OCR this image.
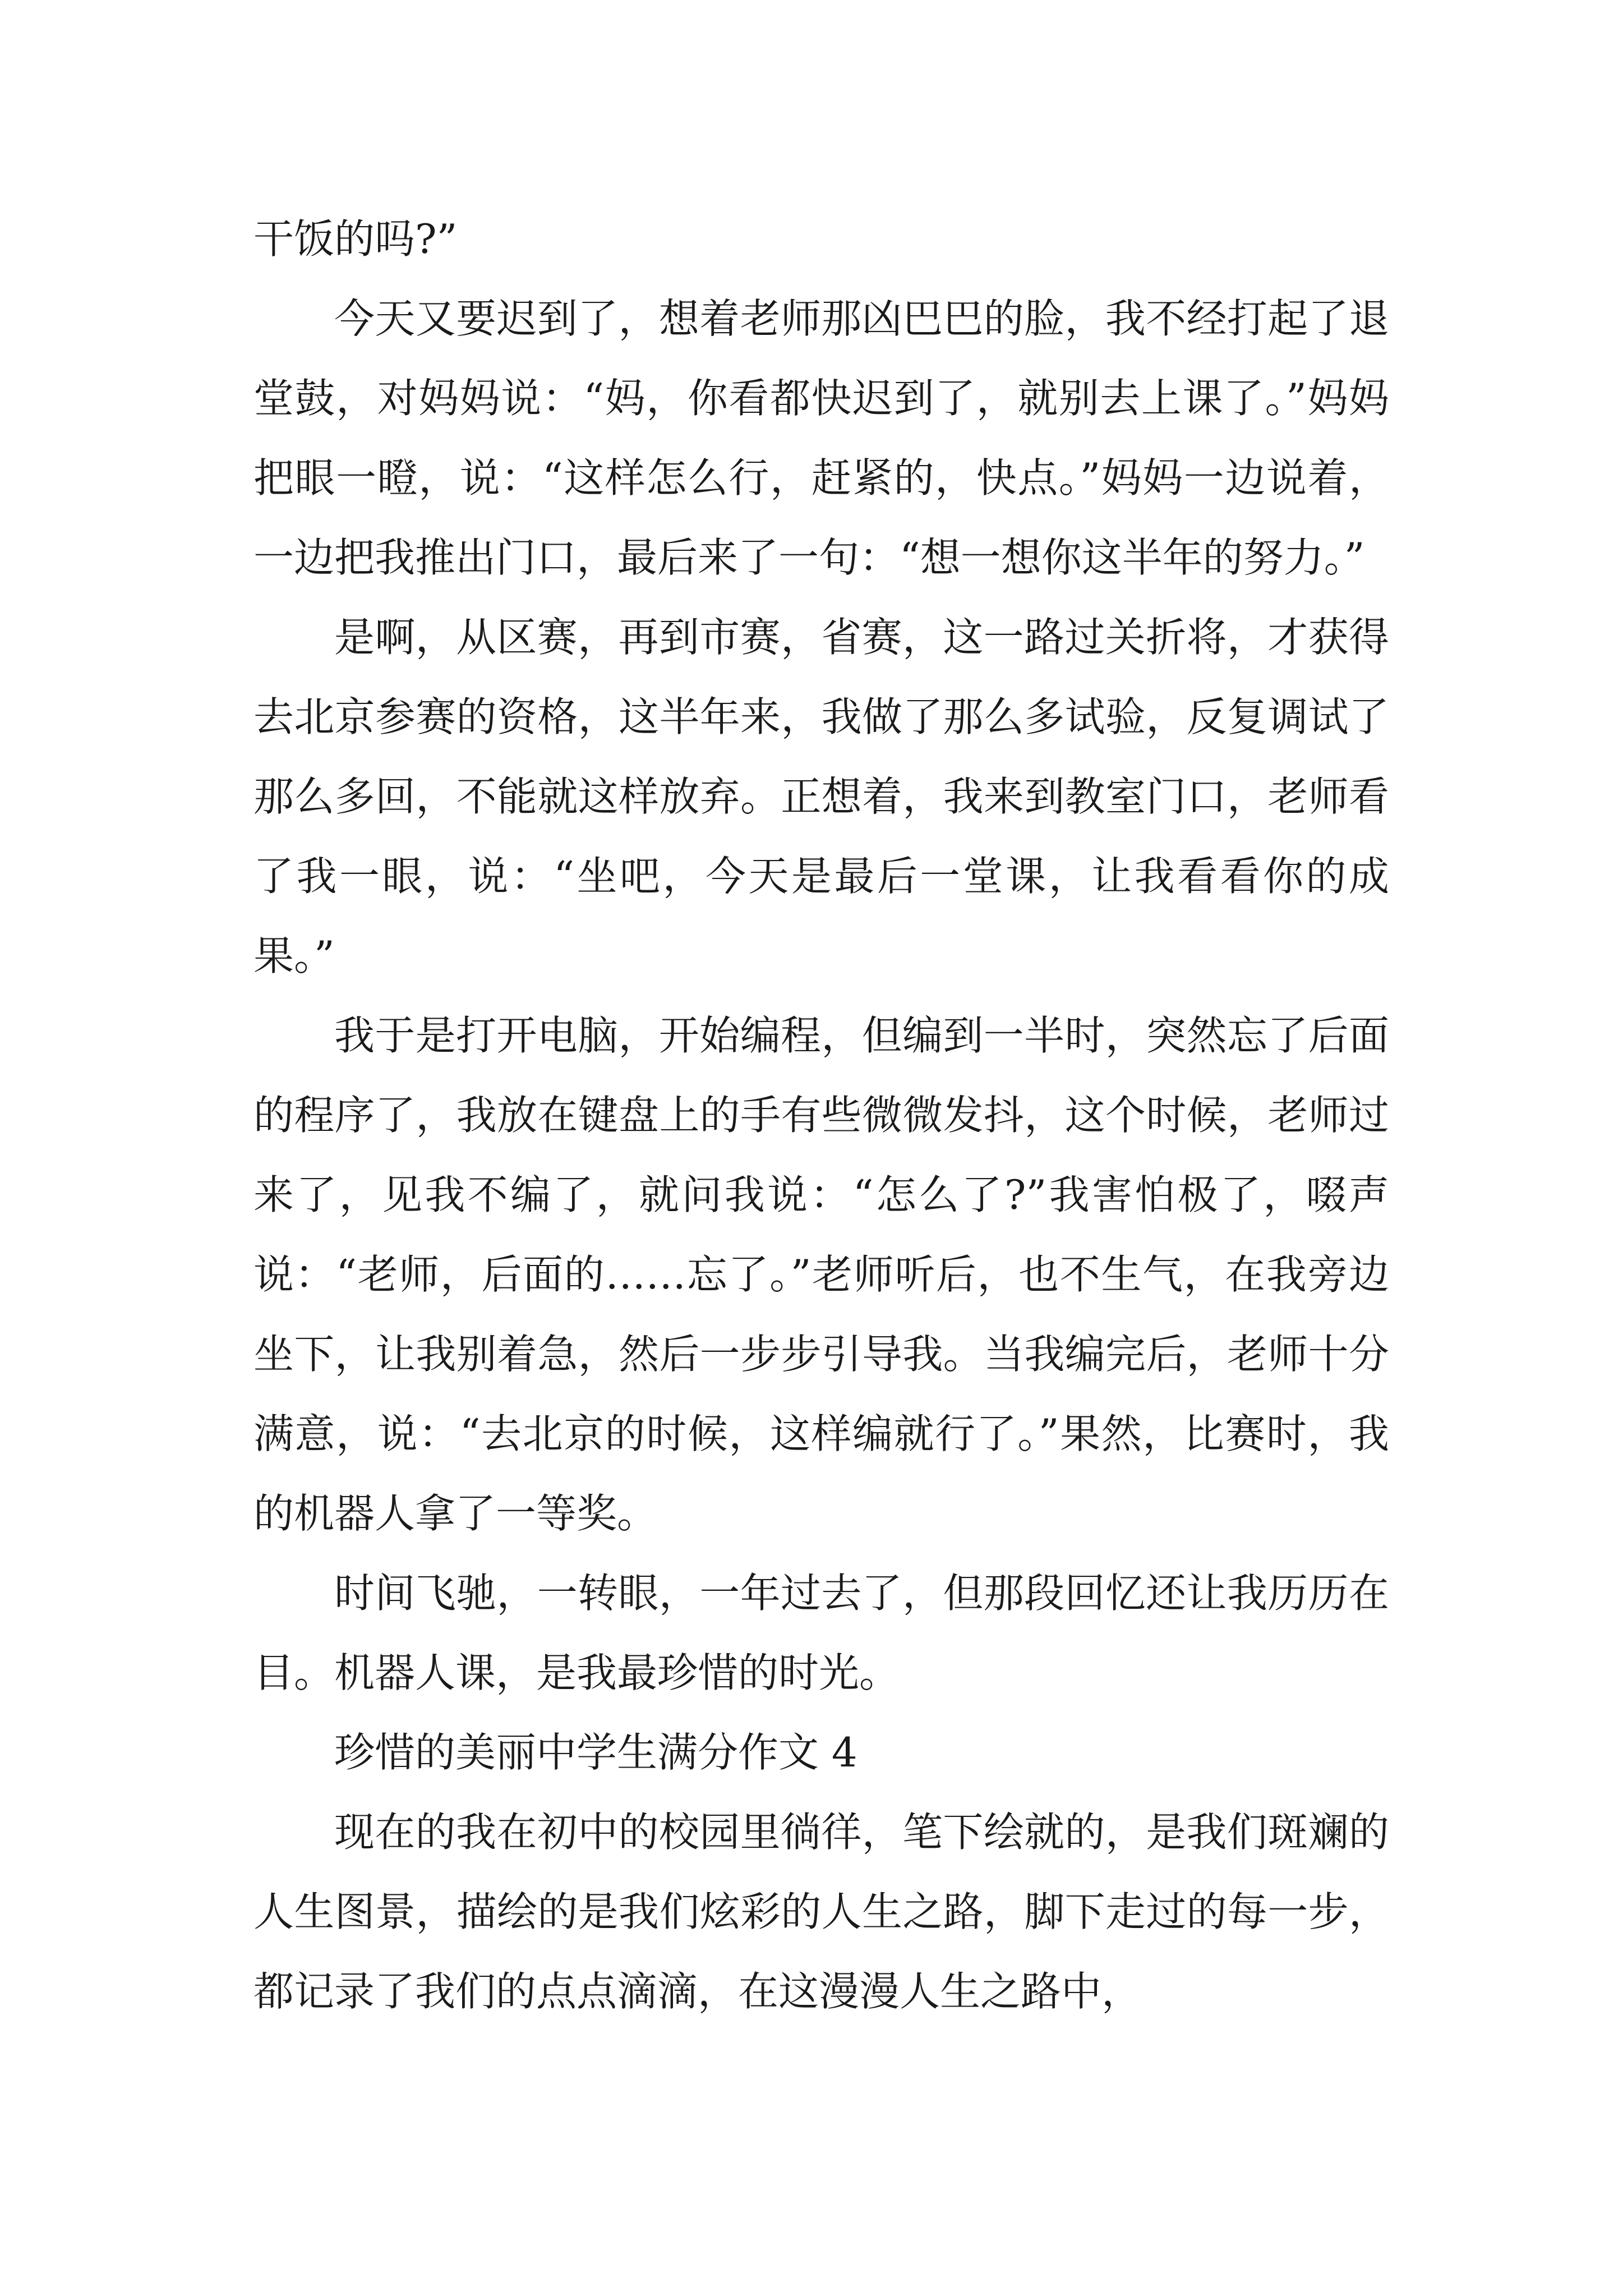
干饭的吗?”

今天又要迟到了，想着老师那凶巴巴的脸，我不经打起了退堂鼓，对妈妈说：“妈，你看都快迟到了，就别去上课了。”妈妈把眼一瞪，说：“这样怎么行，赶紧的，快点。”妈妈一边说着，一边把我推出门口，最后来了一句：“想一想你这半年的努力。”

是啊，从区赛，再到市赛，省赛，这一路过关折将，才获得去北京参赛的资格，这半年来，我做了那么多试验，反复调试了那么多回，不能就这样放弃。正想着，我来到教室门口，老师看了我一眼，说：“坐吧，今天是最后一堂课，让我看看你的成果。”

我于是打开电脑，开始编程，但编到一半时，突然忘了后面的程序了，我放在键盘上的手有些微微发抖，这个时候，老师过来了，见我不编了，就问我说：“怎么了?”我害怕极了，啜声说：“老师，后面的……忘了。”老师听后，也不生气，在我旁边坐下，让我别着急，然后一步步引导我。当我编完后，老师十分满意，说：“去北京的时候，这样编就行了。”果然，比赛时，我的机器人拿了一等奖。

时间飞驰，一转眼，一年过去了，但那段回忆还让我历历在目。机器人课，是我最珍惜的时光。

珍惜的美丽中学生满分作文 4

现在的我在初中的校园里徜徉，笔下绘就的，是我们斑斓的人生图景，描绘的是我们炫彩的人生之路，脚下走过的每一步，都记录了我们的点点滴滴，在这漫漫人生之路中，
